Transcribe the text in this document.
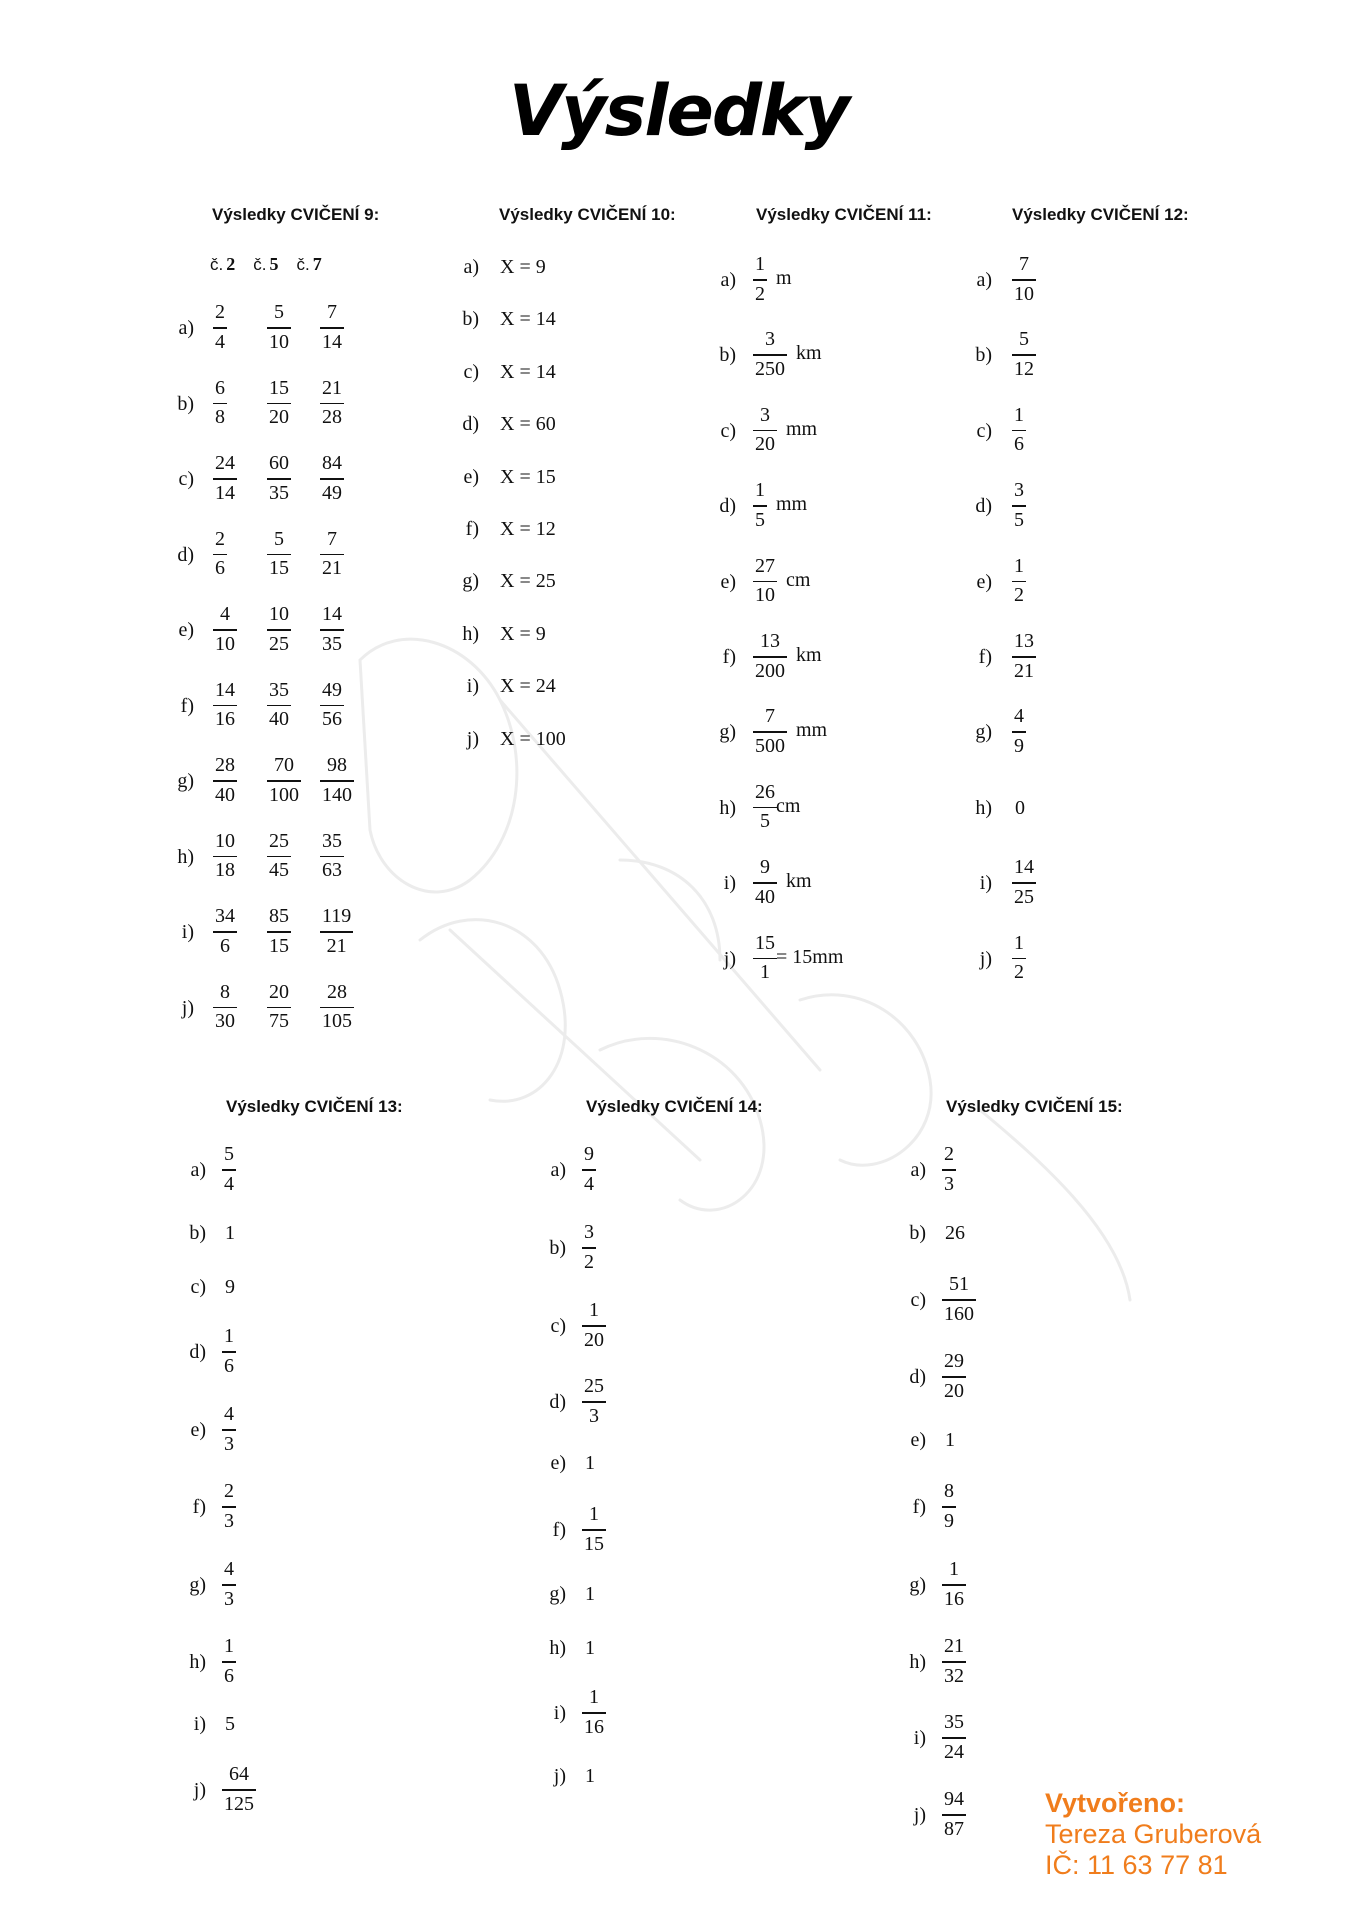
Výsledky
Výsledky CVIČENÍ 9:
č. 2 č. 5 č. 7
a)
2
4
5
10
7
14
b)
6
8
15
20
21
28
c)
24
14
60
35
84
49
d)
2
6
5
15
7
21
e)
4
10
10
25
14
35
f)
14
16
35
40
49
56
g)
28
40
70
100
98
140
h)
10
18
25
45
35
63
i)
34
6
85
15
119
21
j)
8
30
20
75
28
105
Výsledky CVIČENÍ 10:
a) X = 9
b) X = 14
c) X = 14
d) X = 60
e) X = 15
f) X = 12
g) X = 25
h) X = 9
i) X = 24
j) X = 100
Výsledky CVIČENÍ 11:
a)
1
2
m
b)
3
250
km
c)
3
20
mm
d)
1
5
mm
e)
27
10
cm
f)
13
200
km
g)
7
500
mm
h)
26
5
cm
i)
9
40
km
j)
15
1
= 15mm
Výsledky CVIČENÍ 12:
a)
7
10
b)
5
12
c)
1
6
d)
3
5
e)
1
2
f)
13
21
g)
4
9
h) 0
i)
14
25
j)
1
2
Výsledky CVIČENÍ 13:
a)
5
4
b) 1
c) 9
d)
1
6
e)
4
3
f)
2
3
g)
4
3
h)
1
6
i) 5
j)
64
125
Výsledky CVIČENÍ 14:
a)
9
4
b)
3
2
c)
1
20
d)
25
3
e) 1
f)
1
15
g) 1
h) 1
i)
1
16
j) 1
Výsledky CVIČENÍ 15:
a)
2
3
b) 26
c)
51
160
d)
29
20
e) 1
f)
8
9
g)
1
16
h)
21
32
i)
35
24
j)
94
87
Vytvořeno:
Tereza Gruberová
IČ: 11 63 77 81
